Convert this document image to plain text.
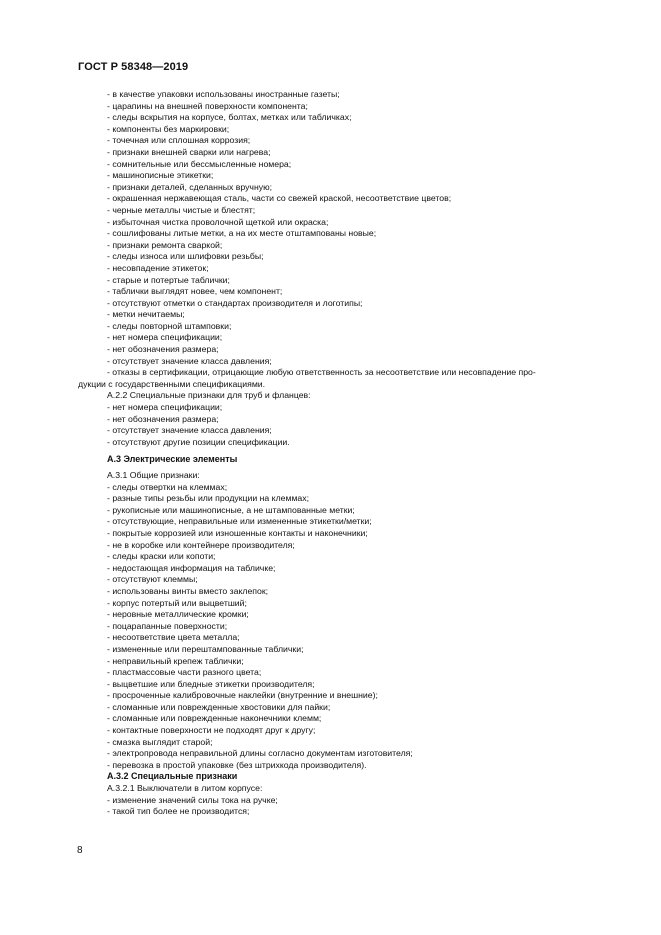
ГОСТ Р 58348—2019
- в качестве упаковки использованы иностранные газеты;
- царапины на внешней поверхности компонента;
- следы вскрытия на корпусе, болтах, метках или табличках;
- компоненты без маркировки;
- точечная или сплошная коррозия;
- признаки внешней сварки или нагрева;
- сомнительные или бессмысленные номера;
- машинописные этикетки;
- признаки деталей, сделанных вручную;
- окрашенная нержавеющая сталь, части со свежей краской, несоответствие цветов;
- черные металлы чистые и блестят;
- избыточная чистка проволочной щеткой или окраска;
- сошлифованы литые метки, а на их месте отштампованы новые;
- признаки ремонта сваркой;
- следы износа или шлифовки резьбы;
- несовпадение этикеток;
- старые и потертые таблички;
- таблички выглядят новее, чем компонент;
- отсутствуют отметки о стандартах производителя и логотипы;
- метки нечитаемы;
- следы повторной штамповки;
- нет номера спецификации;
- нет обозначения размера;
- отсутствует значение класса давления;
- отказы в сертификации, отрицающие любую ответственность за несоответствие или несовпадение про-
дукции с государственными спецификациями.
А.2.2 Специальные признаки для труб и фланцев:
- нет номера спецификации;
- нет обозначения размера;
- отсутствует значение класса давления;
- отсутствуют другие позиции спецификации.
А.3 Электрические элементы
А.3.1 Общие признаки:
- следы отвертки на клеммах;
- разные типы резьбы или продукции на клеммах;
- рукописные или машинописные, а не штампованные метки;
- отсутствующие, неправильные или измененные этикетки/метки;
- покрытые коррозией или изношенные контакты и наконечники;
- не в коробке или контейнере производителя;
- следы краски или копоти;
- недостающая информация на табличке;
- отсутствуют клеммы;
- использованы винты вместо заклепок;
- корпус потертый или выцветший;
- неровные металлические кромки;
- поцарапанные поверхности;
- несоответствие цвета металла;
- измененные или перештампованные таблички;
- неправильный крепеж таблички;
- пластмассовые части разного цвета;
- выцветшие или бледные этикетки производителя;
- просроченные калибровочные наклейки (внутренние и внешние);
- сломанные или поврежденные хвостовики для пайки;
- сломанные или поврежденные наконечники клемм;
- контактные поверхности не подходят друг к другу;
- смазка выглядит старой;
- электропровода неправильной длины согласно документам изготовителя;
- перевозка в простой упаковке (без штрихкода производителя).
А.3.2 Специальные признаки
А.3.2.1 Выключатели в литом корпусе:
- изменение значений силы тока на ручке;
- такой тип более не производится;
8
